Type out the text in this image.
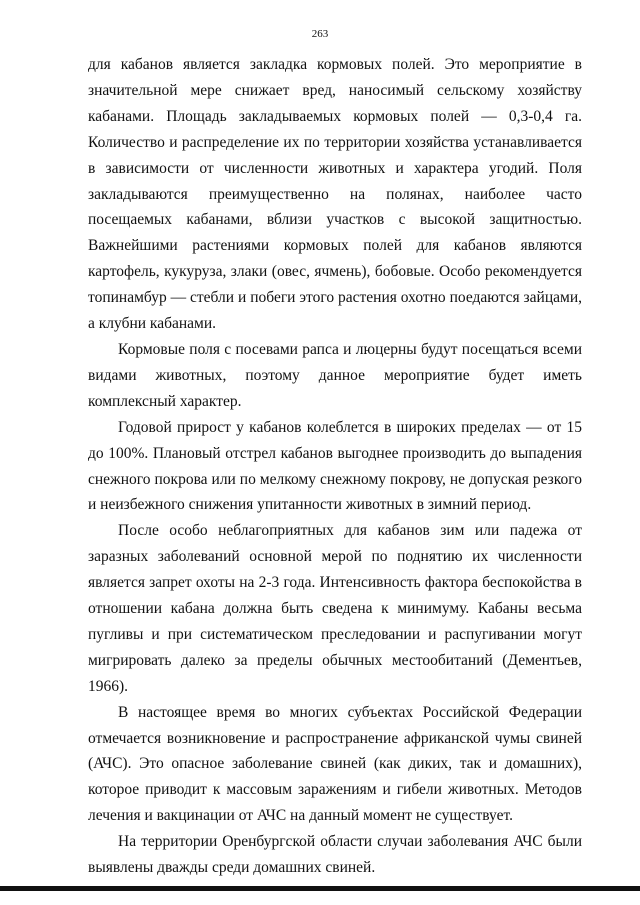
263

для кабанов является закладка кормовых полей. Это мероприятие в значительной мере снижает вред, наносимый сельскому хозяйству кабанами. Площадь закладываемых кормовых полей — 0,3-0,4 га. Количество и распределение их по территории хозяйства устанавливается в зависимости от численности животных и характера угодий. Поля закладываются преимущественно на полянах, наиболее часто посещаемых кабанами, вблизи участков с высокой защитностью. Важнейшими растениями кормовых полей для кабанов являются картофель, кукуруза, злаки (овес, ячмень), бобовые. Особо рекомендуется топинамбур — стебли и побеги этого растения охотно поедаются зайцами, а клубни кабанами.

Кормовые поля с посевами рапса и люцерны будут посещаться всеми видами животных, поэтому данное мероприятие будет иметь комплексный характер.

Годовой прирост у кабанов колеблется в широких пределах — от 15 до 100%. Плановый отстрел кабанов выгоднее производить до выпадения снежного покрова или по мелкому снежному покрову, не допуская резкого и неизбежного снижения упитанности животных в зимний период.

После особо неблагоприятных для кабанов зим или падежа от заразных заболеваний основной мерой по поднятию их численности является запрет охоты на 2-3 года. Интенсивность фактора беспокойства в отношении кабана должна быть сведена к минимуму. Кабаны весьма пугливы и при систематическом преследовании и распугивании могут мигрировать далеко за пределы обычных местообитаний (Дементьев, 1966).

В настоящее время во многих субъектах Российской Федерации отмечается возникновение и распространение африканской чумы свиней (АЧС). Это опасное заболевание свиней (как диких, так и домашних), которое приводит к массовым заражениям и гибели животных. Методов лечения и вакцинации от АЧС на данный момент не существует.

На территории Оренбургской области случаи заболевания АЧС были выявлены дважды среди домашних свиней.
